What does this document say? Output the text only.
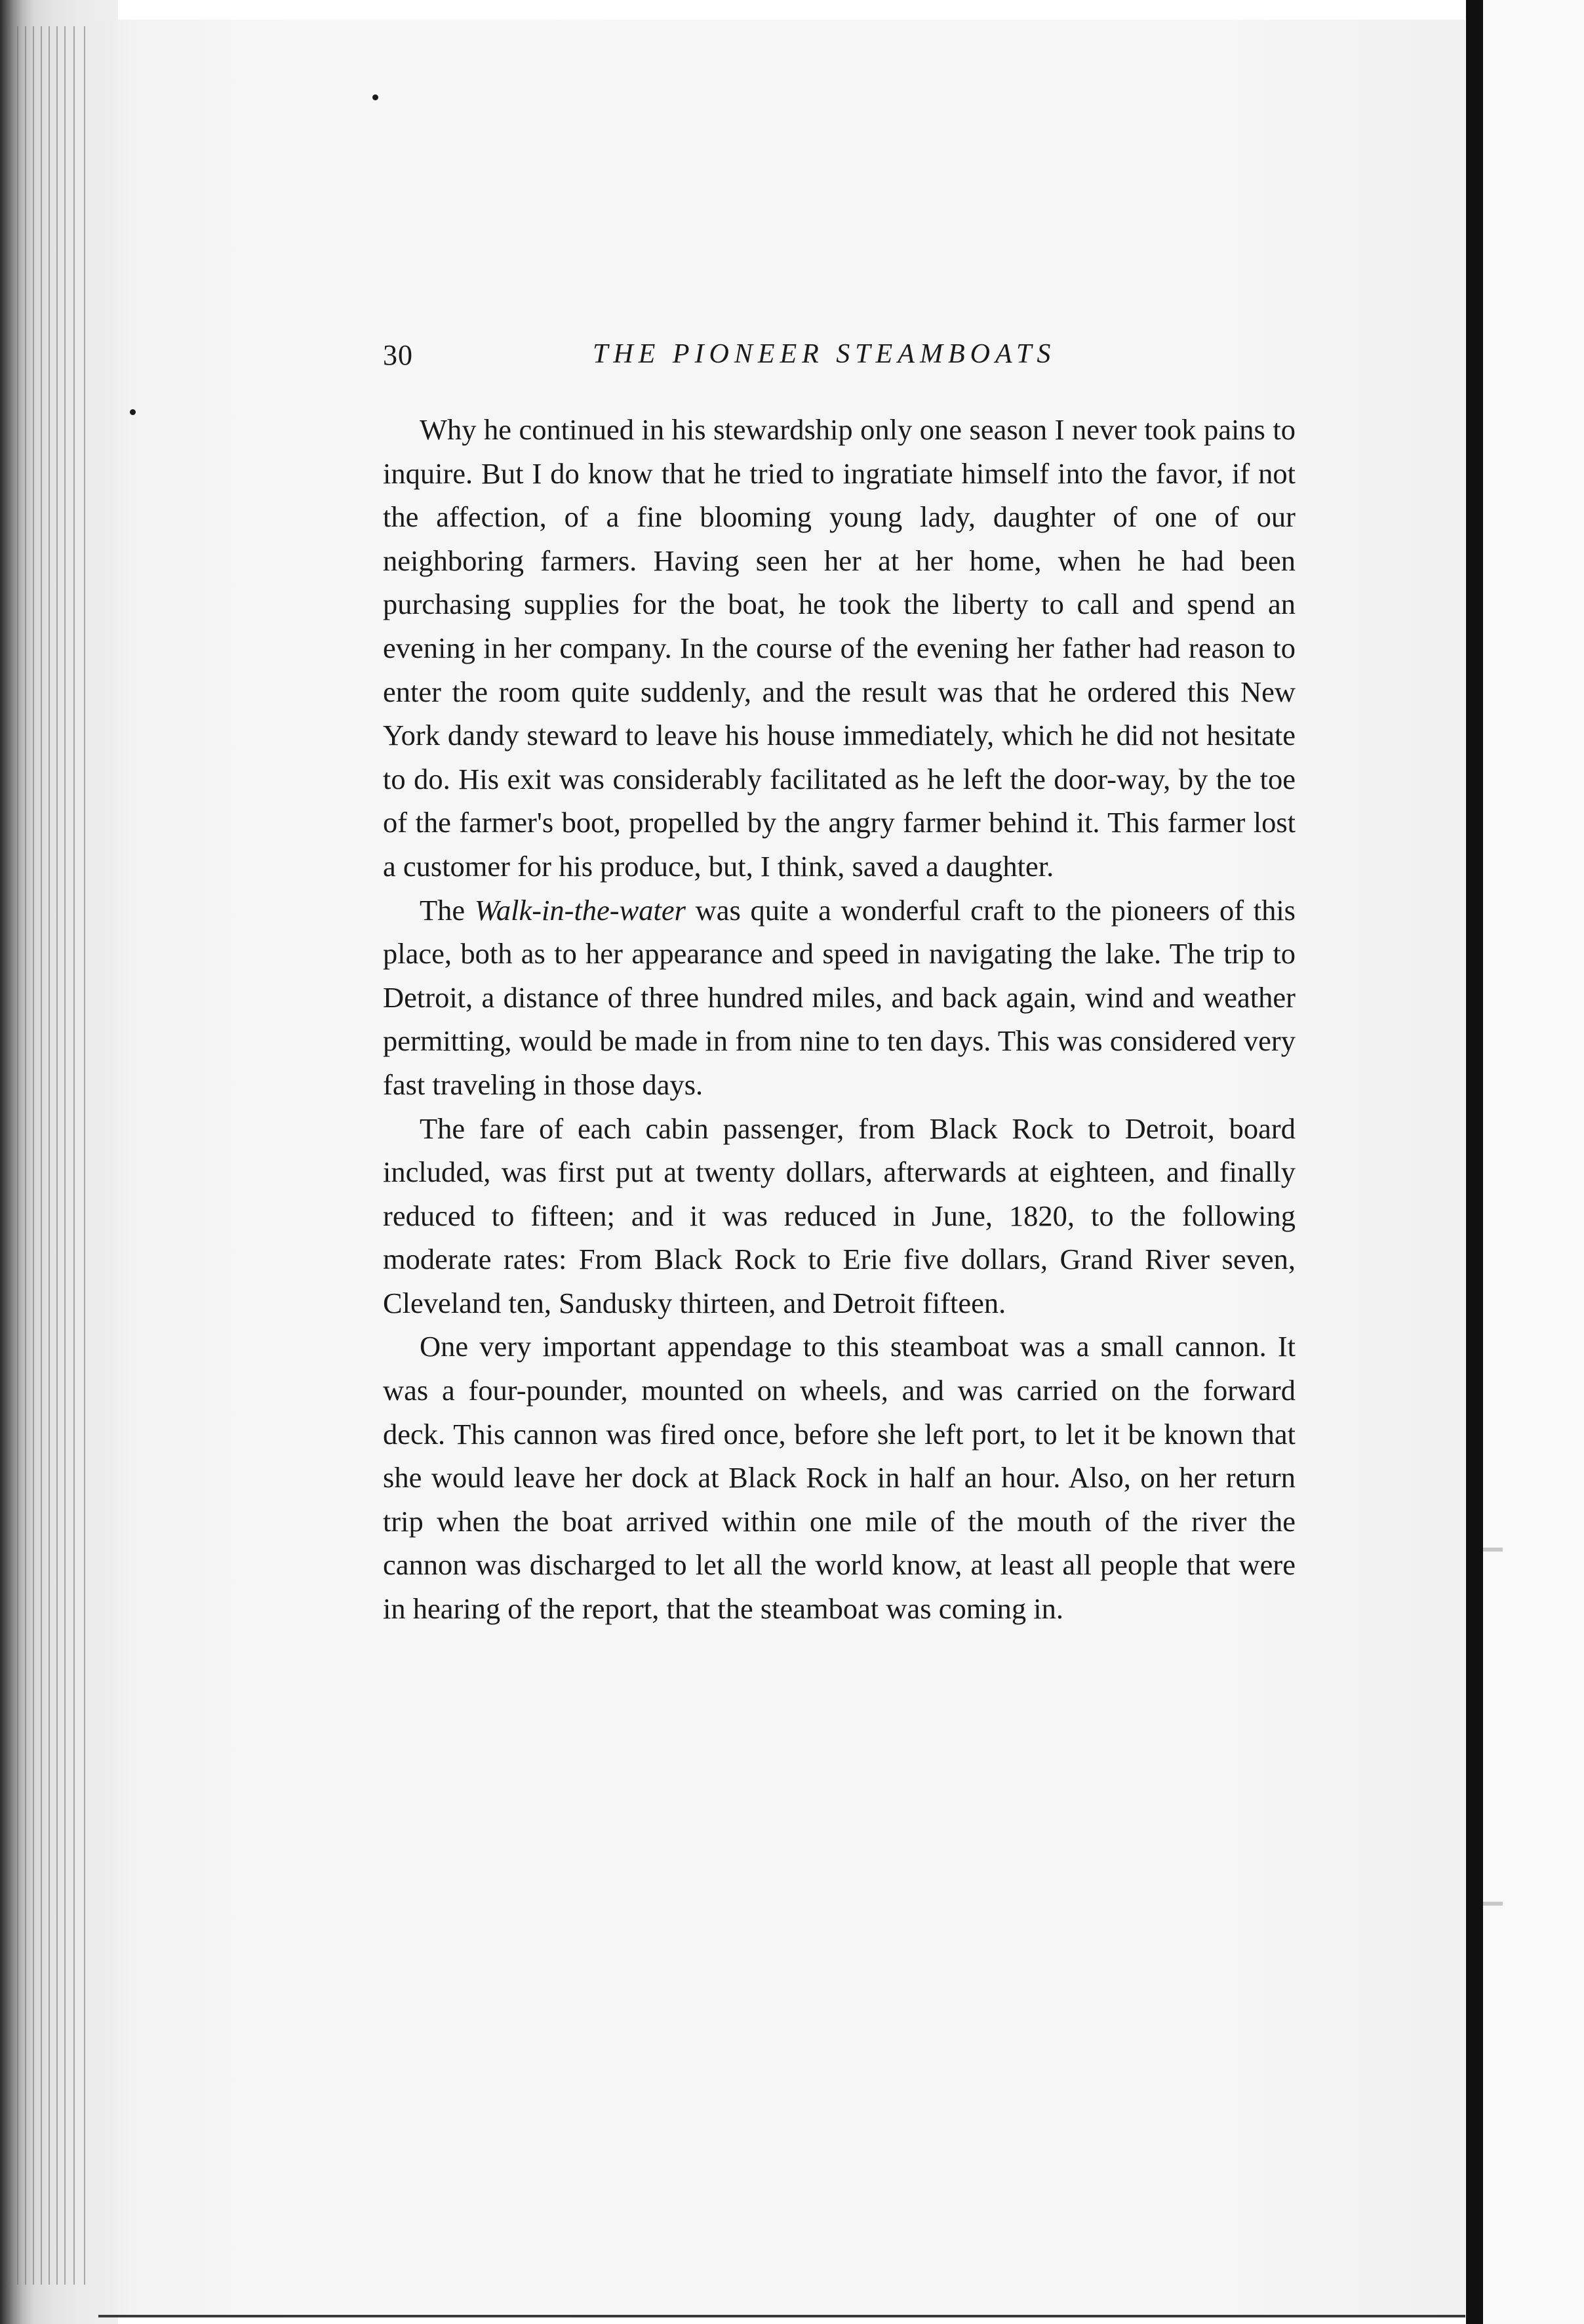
30	THE PIONEER STEAMBOATS

Why he continued in his stewardship only one season I never took pains to inquire. But I do know that he tried to ingratiate himself into the favor, if not the affection, of a fine blooming young lady, daughter of one of our neighboring farmers. Having seen her at her home, when he had been purchasing supplies for the boat, he took the liberty to call and spend an evening in her company. In the course of the evening her father had reason to enter the room quite suddenly, and the result was that he ordered this New York dandy steward to leave his house immediately, which he did not hesitate to do. His exit was considerably facilitated as he left the door-way, by the toe of the farmer's boot, propelled by the angry farmer behind it. This farmer lost a customer for his produce, but, I think, saved a daughter.

The Walk-in-the-water was quite a wonderful craft to the pioneers of this place, both as to her appearance and speed in navigating the lake. The trip to Detroit, a distance of three hundred miles, and back again, wind and weather permitting, would be made in from nine to ten days. This was considered very fast traveling in those days.

The fare of each cabin passenger, from Black Rock to Detroit, board included, was first put at twenty dollars, afterwards at eighteen, and finally reduced to fifteen; and it was reduced in June, 1820, to the following moderate rates: From Black Rock to Erie five dollars, Grand River seven, Cleveland ten, Sandusky thirteen, and Detroit fifteen.

One very important appendage to this steamboat was a small cannon. It was a four-pounder, mounted on wheels, and was carried on the forward deck. This cannon was fired once, before she left port, to let it be known that she would leave her dock at Black Rock in half an hour. Also, on her return trip when the boat arrived within one mile of the mouth of the river the cannon was discharged to let all the world know, at least all people that were in hearing of the report, that the steamboat was coming in.
